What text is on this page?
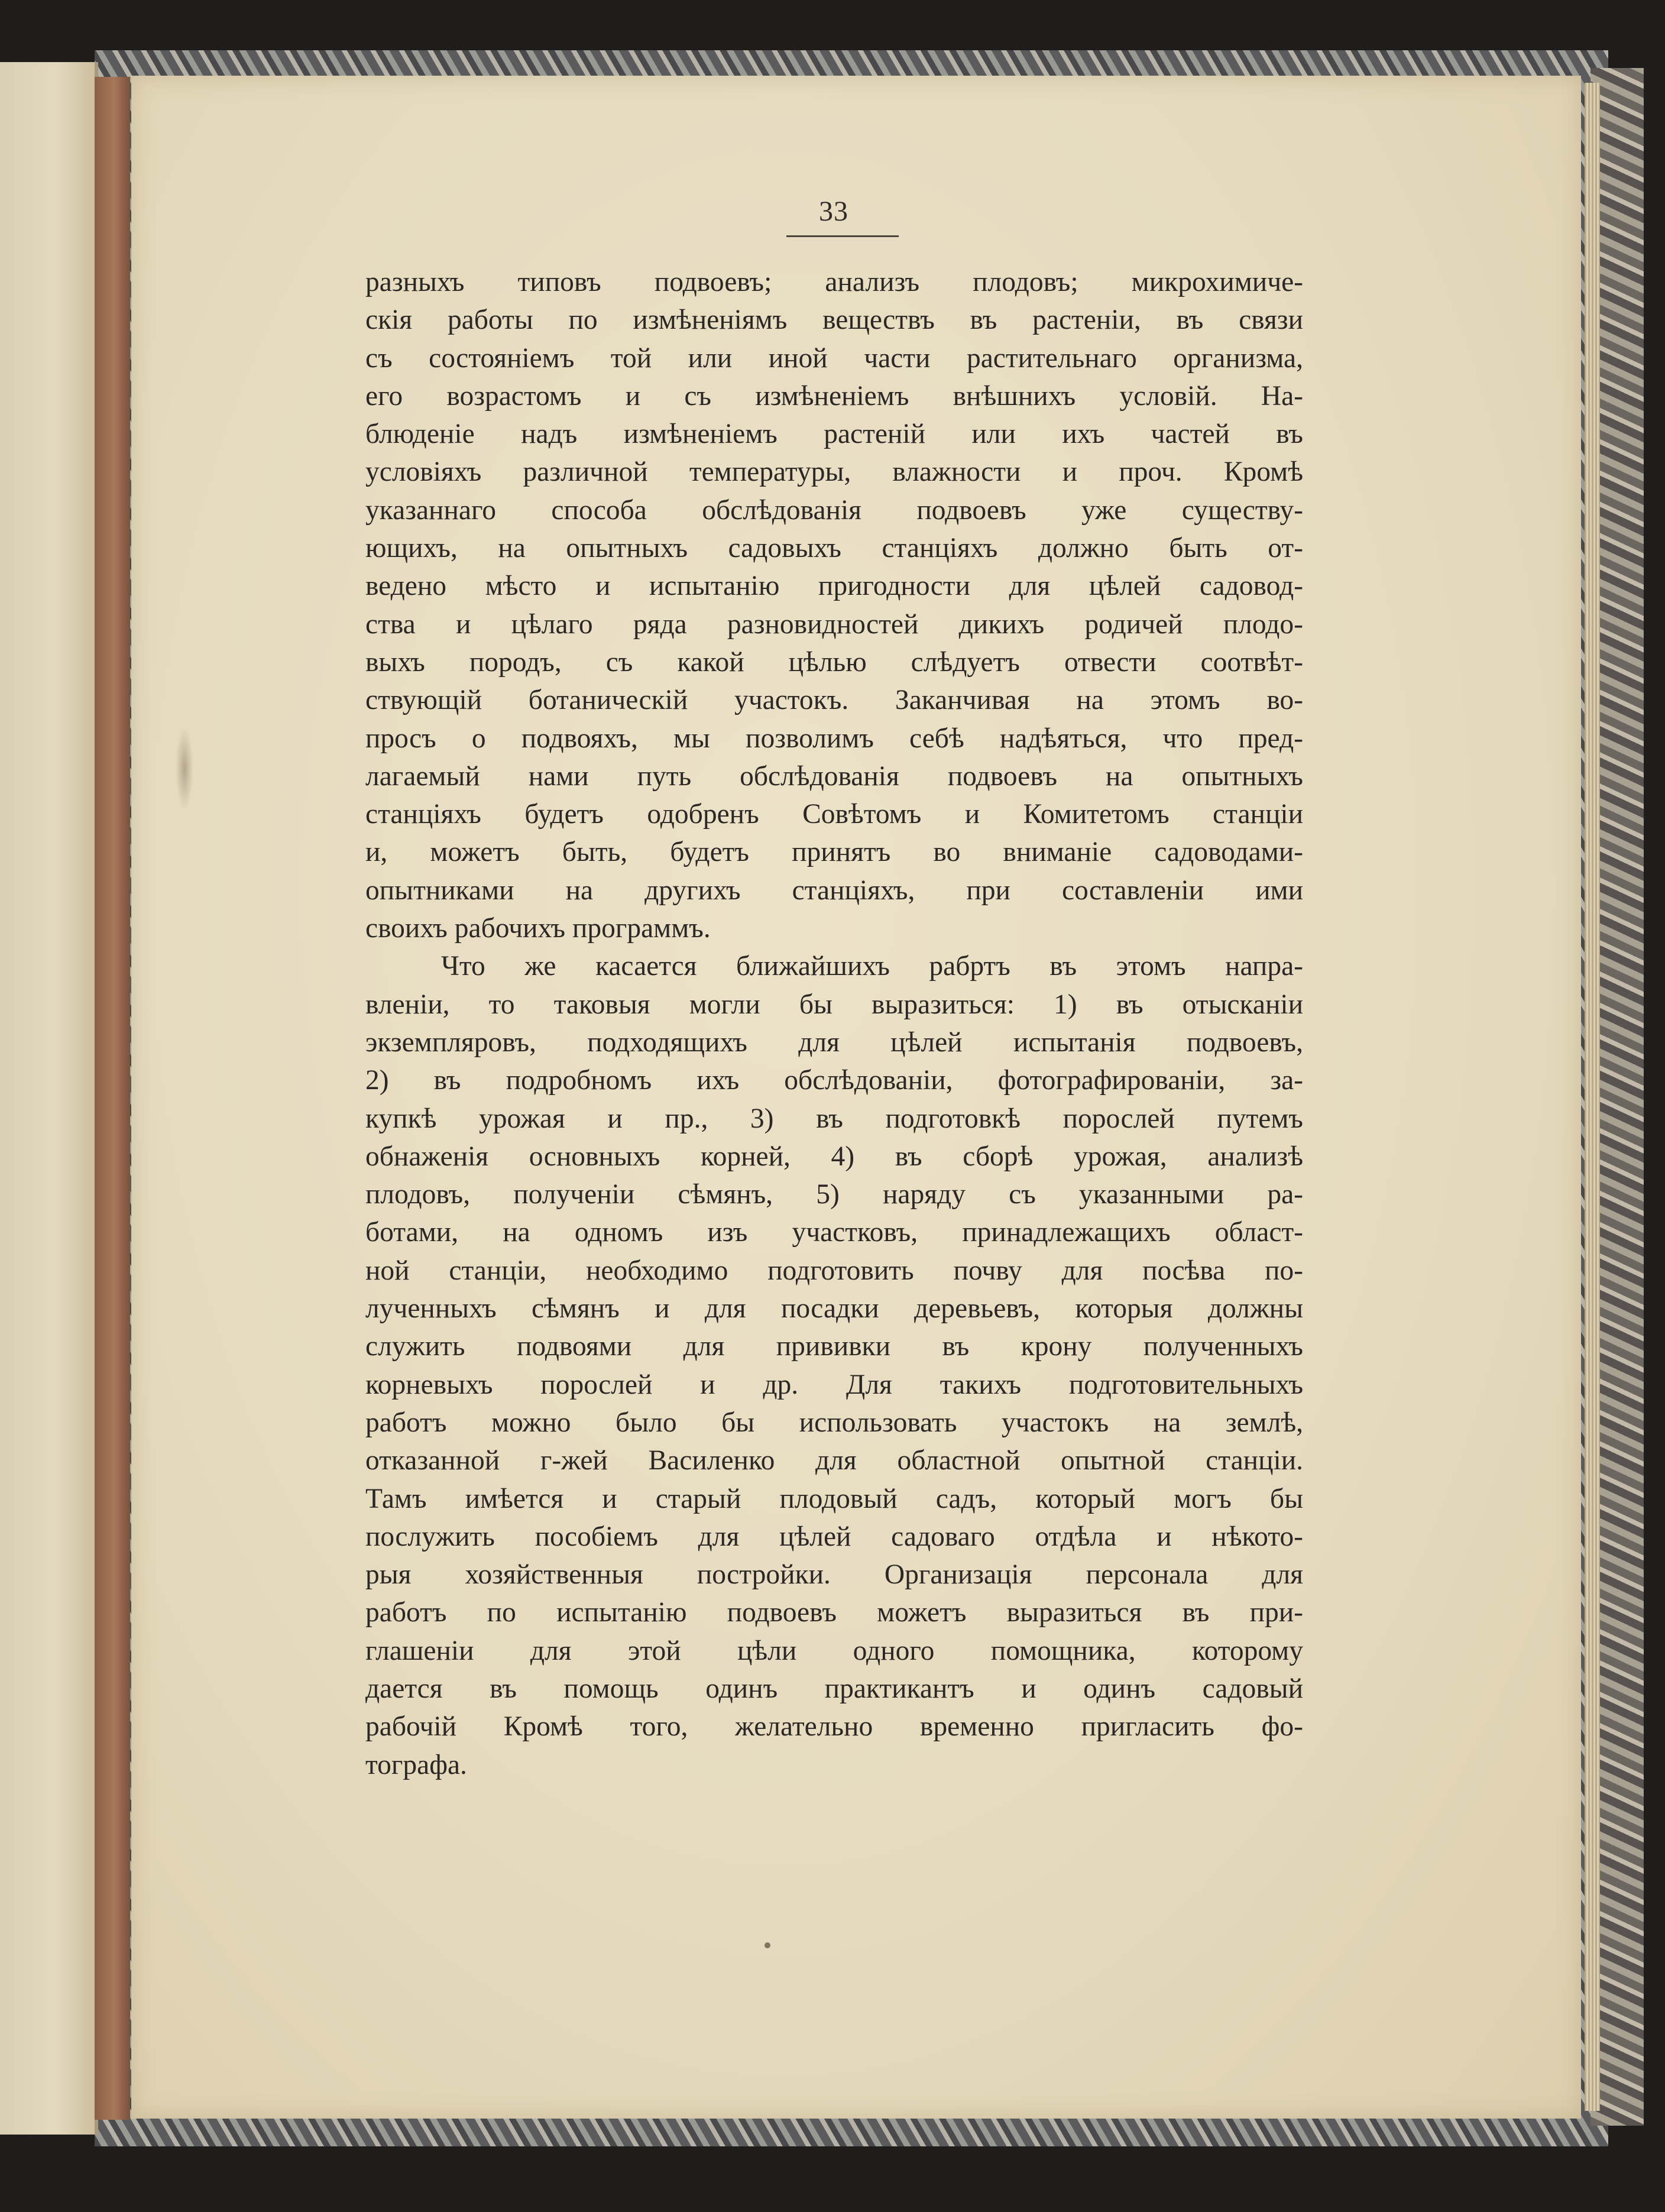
33
разныхъ типовъ подвоевъ; анализъ плодовъ; микрохимиче-
скія работы по измѣненіямъ веществъ въ растеніи, въ связи
съ состояніемъ той или иной части растительнаго организма,
его возрастомъ и съ измѣненіемъ внѣшнихъ условій. На-
блюденіе надъ измѣненіемъ растеній или ихъ частей въ
условіяхъ различной температуры, влажности и проч. Кромѣ
указаннаго способа обслѣдованія подвоевъ уже существу-
ющихъ, на опытныхъ садовыхъ станціяхъ должно быть от-
ведено мѣсто и испытанію пригодности для цѣлей садовод-
ства и цѣлаго ряда разновидностей дикихъ родичей плодо-
выхъ породъ, съ какой цѣлью слѣдуетъ отвести соотвѣт-
ствующій ботаническій участокъ. Заканчивая на этомъ во-
просъ о подвояхъ, мы позволимъ себѣ надѣяться, что пред-
лагаемый нами путь обслѣдованія подвоевъ на опытныхъ
станціяхъ будетъ одобренъ Совѣтомъ и Комитетомъ станціи
и, можетъ быть, будетъ принятъ во вниманіе садоводами-
опытниками на другихъ станціяхъ, при составленіи ими
своихъ рабочихъ программъ.
Что же касается ближайшихъ рабртъ въ этомъ напра-
вленіи, то таковыя могли бы выразиться: 1) въ отысканіи
экземпляровъ, подходящихъ для цѣлей испытанія подвоевъ,
2) въ подробномъ ихъ обслѣдованіи, фотографированіи, за-
купкѣ урожая и пр., 3) въ подготовкѣ порослей путемъ
обнаженія основныхъ корней, 4) въ сборѣ урожая, анализѣ
плодовъ, полученіи сѣмянъ, 5) наряду съ указанными ра-
ботами, на одномъ изъ участковъ, принадлежащихъ област-
ной станціи, необходимо подготовить почву для посѣва по-
лученныхъ сѣмянъ и для посадки деревьевъ, которыя должны
служить подвоями для прививки въ крону полученныхъ
корневыхъ порослей и др. Для такихъ подготовительныхъ
работъ можно было бы использовать участокъ на землѣ,
отказанной г-жей Василенко для областной опытной станціи.
Тамъ имѣется и старый плодовый садъ, который могъ бы
послужить пособіемъ для цѣлей садоваго отдѣла и нѣкото-
рыя хозяйственныя постройки. Организація персонала для
работъ по испытанію подвоевъ можетъ выразиться въ при-
глашеніи для этой цѣли одного помощника, которому
дается въ помощь одинъ практикантъ и одинъ садовый
рабочій Кромѣ того, желательно временно пригласить фо-
тографа.
